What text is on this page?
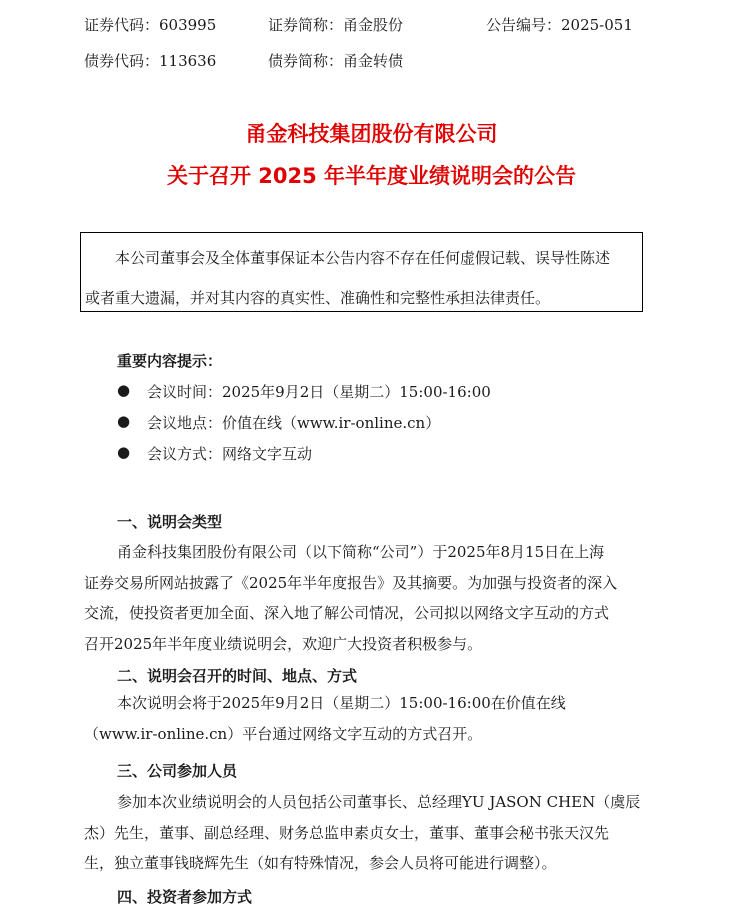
证券代码：603995	证券简称：甬金股份	公告编号：2025-051
债券代码：113636	债券简称：甬金转债
甬金科技集团股份有限公司
关于召开 2025 年半年度业绩说明会的公告

本公司董事会及全体董事保证本公告内容不存在任何虚假记载、误导性陈述

或者重大遗漏，并对其内容的真实性、准确性和完整性承担法律责任。

重要内容提示：
● 会议时间：2025年9月2日（星期二）15:00-16:00
● 会议地点：价值在线（www.ir-online.cn）
● 会议方式：网络文字互动
一、说明会类型
甬金科技集团股份有限公司（以下简称“公司”）于2025年8月15日在上海
证券交易所网站披露了《2025年半年度报告》及其摘要。为加强与投资者的深入
交流，使投资者更加全面、深入地了解公司情况，公司拟以网络文字互动的方式
召开2025年半年度业绩说明会，欢迎广大投资者积极参与。
二、说明会召开的时间、地点、方式
本次说明会将于2025年9月2日（星期二）15:00-16:00在价值在线
（www.ir-online.cn）平台通过网络文字互动的方式召开。
三、公司参加人员
参加本次业绩说明会的人员包括公司董事长、总经理YU JASON CHEN（虞辰
杰）先生，董事、副总经理、财务总监申素贞女士，董事、董事会秘书张天汉先
生，独立董事钱晓辉先生（如有特殊情况，参会人员将可能进行调整）。
四、投资者参加方式
